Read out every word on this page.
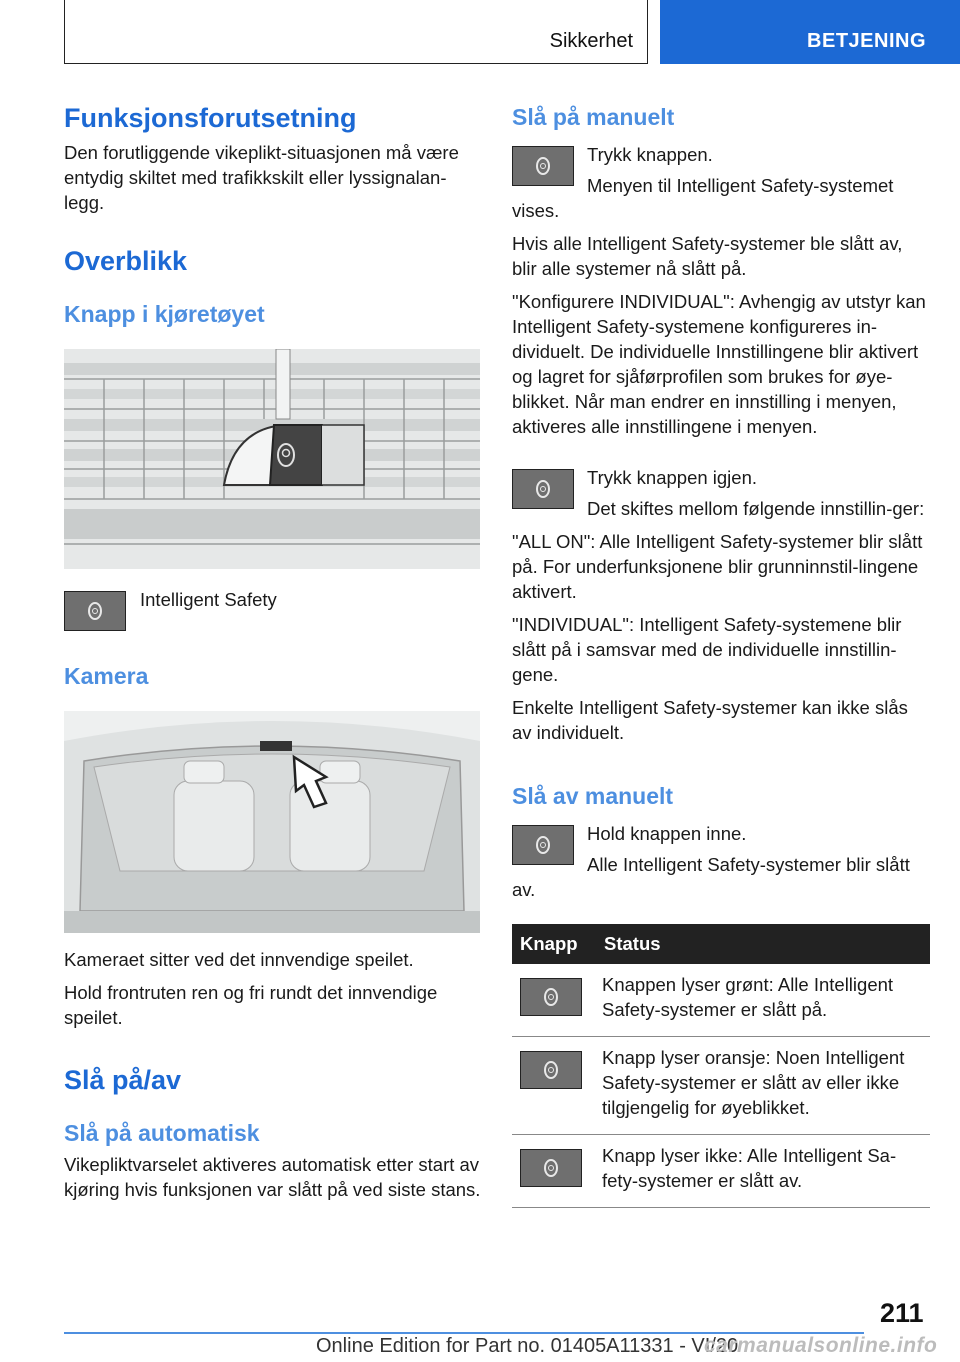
Sikkerhet	BETJENING
Funksjonsforutsetning

Den forutliggende vikeplikt-situasjonen må være entydig skiltet med trafikkskilt eller lyssignalan-legg.

Overblikk
Knapp i kjøretøyet
Intelligent Safety
Kamera

Kameraet sitter ved det innvendige speilet.

Hold frontruten ren og fri rundt det innvendige speilet.

Slå på/av
Slå på automatisk

Vikepliktvarselet aktiveres automatisk etter start av kjøring hvis funksjonen var slått på ved siste stans.

Slå på manuelt

Trykk knappen.

Menyen til Intelligent Safety-systemet vises.

Hvis alle Intelligent Safety-systemer ble slått av, blir alle systemer nå slått på.

"Konfigurere INDIVIDUAL": Avhengig av utstyr kan Intelligent Safety-systemene konfigureres in-dividuelt. De individuelle Innstillingene blir aktivert og lagret for sjåførprofilen som brukes for øye-blikket. Når man endrer en innstilling i menyen, aktiveres alle innstillingene i menyen.

Trykk knappen igjen.

Det skiftes mellom følgende innstillin-ger:

"ALL ON": Alle Intelligent Safety-systemer blir slått på. For underfunksjonene blir grunninnstil-lingene aktivert.

"INDIVIDUAL": Intelligent Safety-systemene blir slått på i samsvar med de individuelle innstillin-gene.

Enkelte Intelligent Safety-systemer kan ikke slås av individuelt.

Slå av manuelt

Hold knappen inne.

Alle Intelligent Safety-systemer blir slått av.

Knapp	Status

	Knappen lyser grønt: Alle Intelligent Safety-systemer er slått på.

	Knapp lyser oransje: Noen Intelligent Safety-systemer er slått av eller ikke tilgjengelig for øyeblikket.

	Knapp lyser ikke: Alle Intelligent Sa-fety-systemer er slått av.
211
Online Edition for Part no. 01405A11331 - VI/20
carmanualsonline.info
